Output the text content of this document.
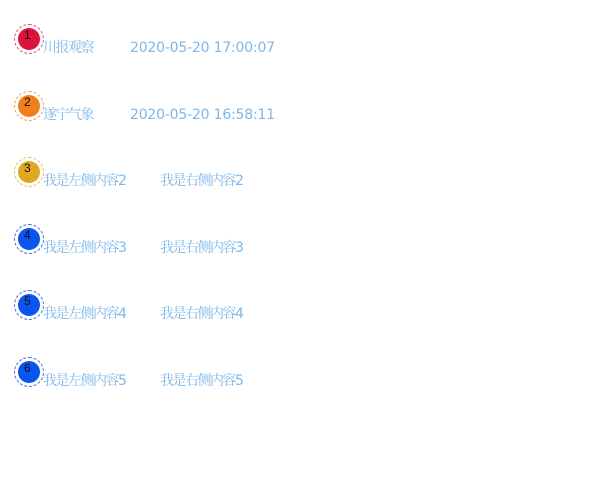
1
川报观察	2020-05-20 17:00:07
2
遂宁气象	2020-05-20 16:58:11
3
我是左侧内容2 我是右侧内容2
4
我是左侧内容3 我是右侧内容3
5
我是左侧内容4 我是右侧内容4
6
我是左侧内容5 我是右侧内容5
